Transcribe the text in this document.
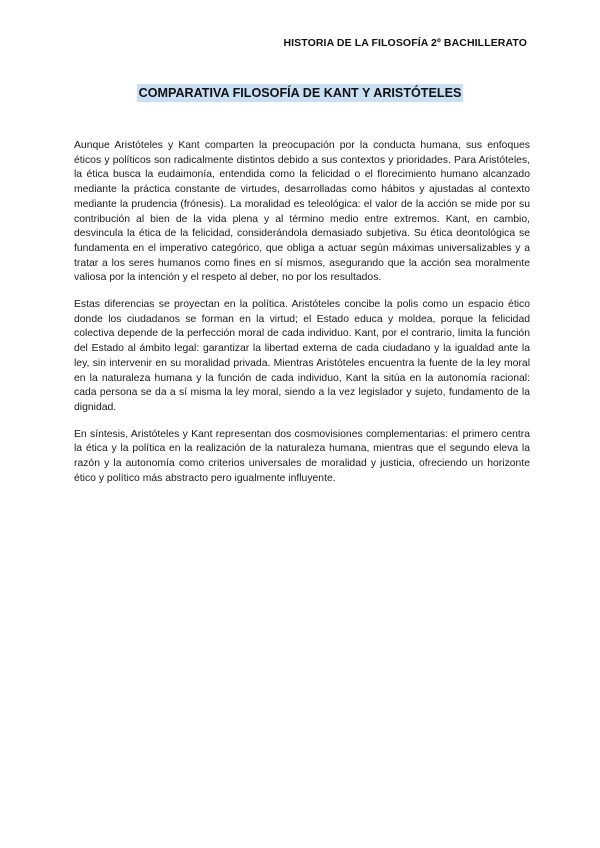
HISTORIA DE LA FILOSOFÍA 2º BACHILLERATO
COMPARATIVA FILOSOFÍA DE KANT Y ARISTÓTELES

Aunque Aristóteles y Kant comparten la preocupación por la conducta humana, sus enfoques éticos y políticos son radicalmente distintos debido a sus contextos y prioridades. Para Aristóteles, la ética busca la eudaimonía, entendida como la felicidad o el florecimiento humano alcanzado mediante la práctica constante de virtudes, desarrolladas como hábitos y ajustadas al contexto mediante la prudencia (frónesis). La moralidad es teleológica: el valor de la acción se mide por su contribución al bien de la vida plena y al término medio entre extremos. Kant, en cambio, desvincula la ética de la felicidad, considerándola demasiado subjetiva. Su ética deontológica se fundamenta en el imperativo categórico, que obliga a actuar según máximas universalizables y a tratar a los seres humanos como fines en sí mismos, asegurando que la acción sea moralmente valiosa por la intención y el respeto al deber, no por los resultados.

Estas diferencias se proyectan en la política. Aristóteles concibe la polis como un espacio ético donde los ciudadanos se forman en la virtud; el Estado educa y moldea, porque la felicidad colectiva depende de la perfección moral de cada individuo. Kant, por el contrario, limita la función del Estado al ámbito legal: garantizar la libertad externa de cada ciudadano y la igualdad ante la ley, sin intervenir en su moralidad privada. Mientras Aristóteles encuentra la fuente de la ley moral en la naturaleza humana y la función de cada individuo, Kant la sitúa en la autonomía racional: cada persona se da a sí misma la ley moral, siendo a la vez legislador y sujeto, fundamento de la dignidad.

En síntesis, Aristóteles y Kant representan dos cosmovisiones complementarias: el primero centra la ética y la política en la realización de la naturaleza humana, mientras que el segundo eleva la razón y la autonomía como criterios universales de moralidad y justicia, ofreciendo un horizonte ético y político más abstracto pero igualmente influyente.
